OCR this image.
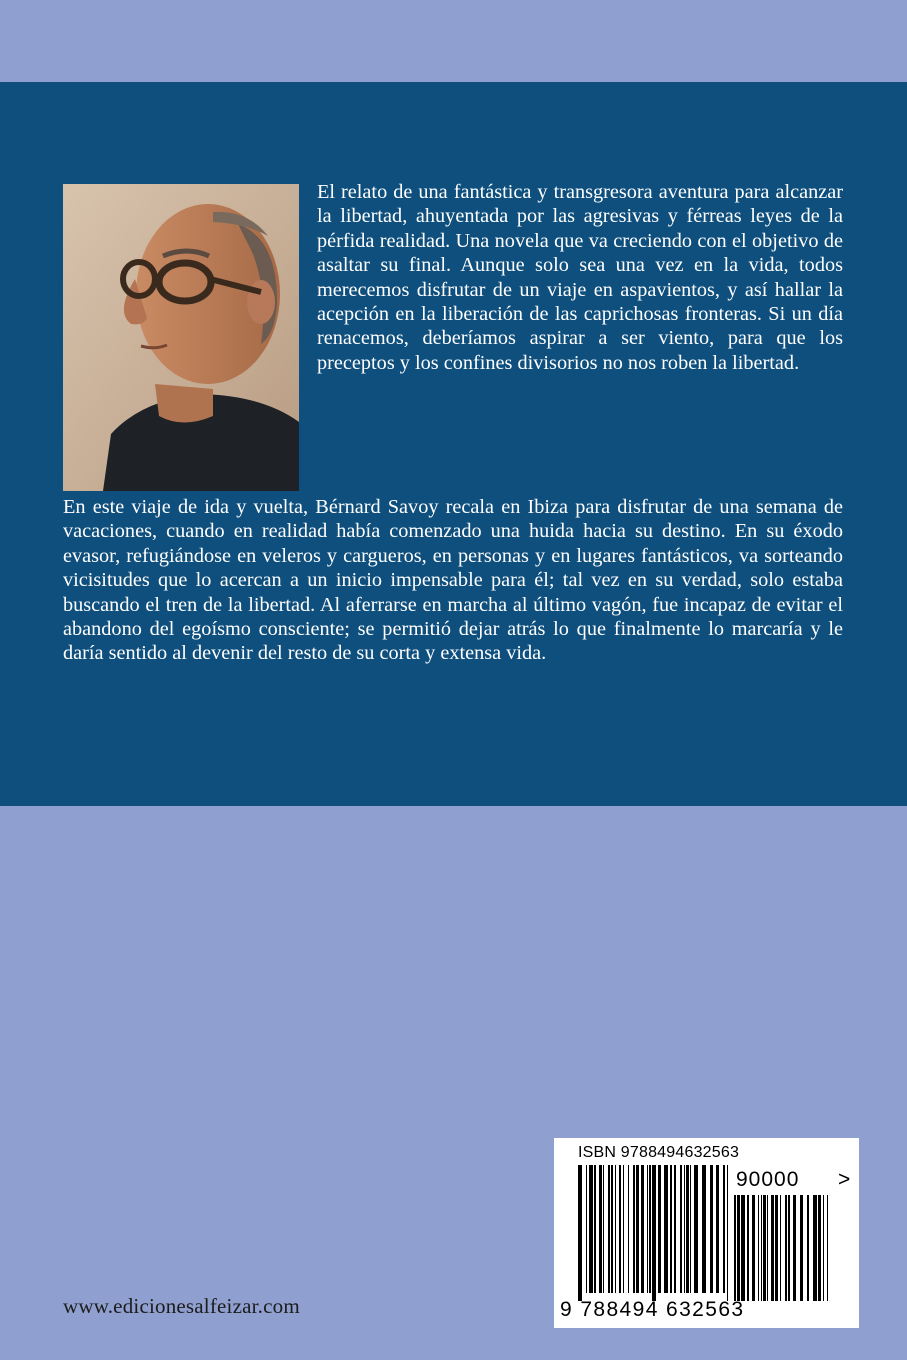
El relato de una fantástica y transgresora aventura para alcanzar la libertad, ahuyentada por las agresivas y férreas leyes de la pérfida realidad. Una novela que va creciendo con el objetivo de asaltar su final. Aunque solo sea una vez en la vida, todos merecemos disfrutar de un viaje en aspavientos, y así hallar la acepción en la liberación de las caprichosas fronteras. Si un día renacemos, deberíamos aspirar a ser viento, para que los preceptos y los confines divisorios no nos roben la libertad.

En este viaje de ida y vuelta, Bérnard Savoy recala en Ibiza para disfrutar de una semana de vacaciones, cuando en realidad había comenzado una huida hacia su destino. En su éxodo evasor, refugiándose en veleros y cargueros, en personas y en lugares fantásticos, va sorteando vicisitudes que lo acercan a un inicio impensable para él; tal vez en su verdad, solo estaba buscando el tren de la libertad. Al aferrarse en marcha al último vagón, fue incapaz de evitar el abandono del egoísmo consciente; se permitió dejar atrás lo que finalmente lo marcaría y le daría sentido al devenir del resto de su corta y extensa vida.

www.edicionesalfeizar.com
ISBN 9788494632563
90000 >
9 788494 632563
